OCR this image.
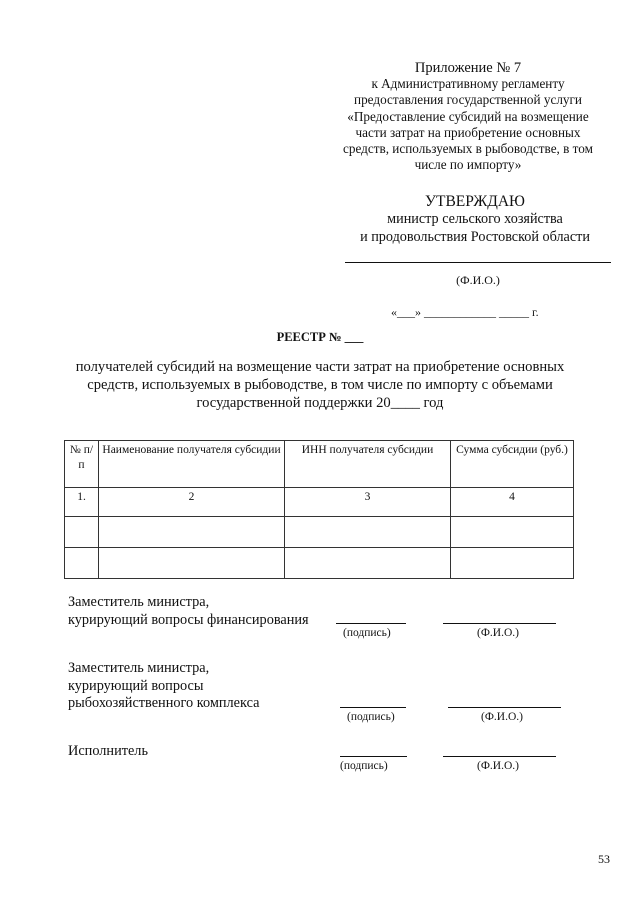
Приложение № 7
к Административному регламенту
предоставления государственной услуги
«Предоставление субсидий на возмещение
части затрат на приобретение основных
средств, используемых в рыбоводстве, в том
числе по импорту»
УТВЕРЖДАЮ
министр сельского хозяйства
и продовольствия Ростовской области
(Ф.И.О.)
«___» ____________ _____ г.
РЕЕСТР № ___
получателей субсидий на возмещение части затрат на приобретение основных
средств, используемых в рыбоводстве, в том числе по импорту с объемами
государственной поддержки 20____ год
№ п/п	Наименование получателя субсидии	ИНН получателя субсидии	Сумма субсидии (руб.)
1.	2	3	4

Заместитель министра,
курирующий вопросы финансирования
(подпись)	(Ф.И.О.)
Заместитель министра,
курирующий вопросы
рыбохозяйственного комплекса
(подпись)	(Ф.И.О.)
Исполнитель
(подпись)	(Ф.И.О.)
53
